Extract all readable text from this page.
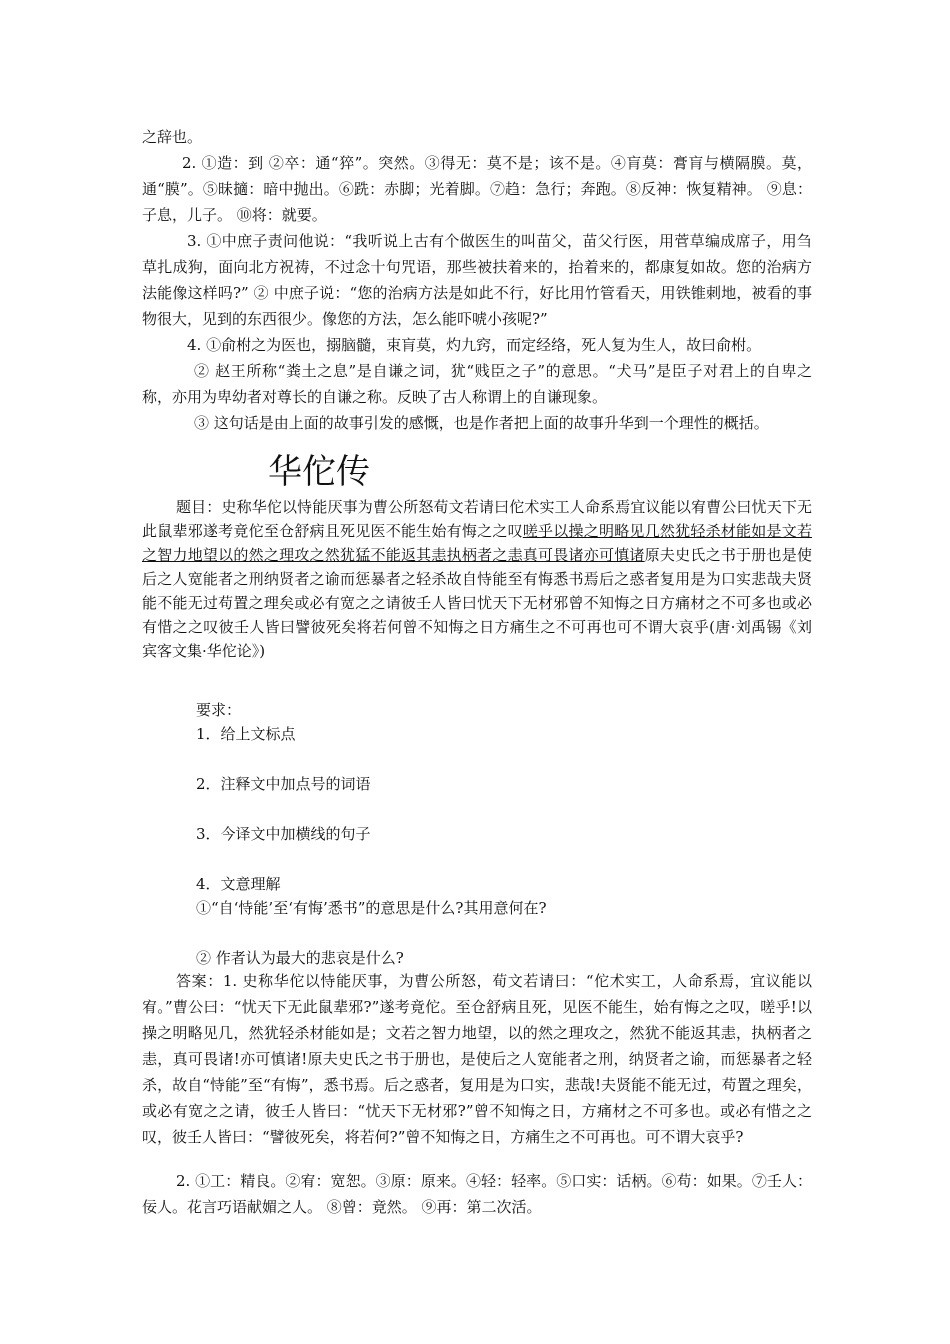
之辞也。

2. ①造：到 ②卒：通“猝”。突然。③得无：莫不是；该不是。④肓莫：膏肓与横隔膜。莫，通“膜”。⑤昧擿：暗中抛出。⑥跣：赤脚；光着脚。⑦趋：急行；奔跑。⑧反神：恢复精神。 ⑨息：子息，儿子。 ⑩将：就要。

3. ①中庶子责问他说：“我听说上古有个做医生的叫苗父，苗父行医，用菅草编成席子，用刍草扎成狗，面向北方祝祷，不过念十句咒语，那些被扶着来的，抬着来的，都康复如故。您的治病方法能像这样吗?” ② 中庶子说：“您的治病方法是如此不行，好比用竹管看天，用铁锥刺地，被看的事物很大，见到的东西很少。像您的方法，怎么能吓唬小孩呢?”

4. ①俞柎之为医也，搦脑髓，束肓莫，灼九窍，而定经络，死人复为生人，故曰俞柎。

② 赵王所称“粪土之息”是自谦之词，犹“贱臣之子”的意思。“犬马”是臣子对君上的自卑之称，亦用为卑幼者对尊长的自谦之称。反映了古人称谓上的自谦现象。

③ 这句话是由上面的故事引发的感慨，也是作者把上面的故事升华到一个理性的概括。

华佗传

题目：史称华佗以恃能厌事为曹公所怒荀文若请曰佗术实工人命系焉宜议能以宥曹公曰忧天下无此鼠辈邪遂考竟佗至仓舒病且死见医不能生始有悔之之叹嗟乎以操之明略见几然犹轻杀材能如是文若之智力地望以的然之理攻之然犹猛不能返其恚执柄者之恚真可畏诸亦可慎诸原夫史氏之书于册也是使后之人宽能者之刑纳贤者之谕而惩暴者之轻杀故自恃能至有悔悉书焉后之惑者复用是为口实悲哉夫贤能不能无过苟置之理矣或必有宽之之请彼壬人皆曰忧天下无材邪曾不知悔之日方痛材之不可多也或必有惜之之叹彼壬人皆曰譬彼死矣将若何曾不知悔之日方痛生之不可再也可不谓大哀乎(唐·刘禹锡《刘宾客文集·华佗论》)

要求：

1．给上文标点

2．注释文中加点号的词语

3．今译文中加横线的句子

4．文意理解

①“自‘恃能’至‘有悔’悉书”的意思是什么?其用意何在?

② 作者认为最大的悲哀是什么?

答案：1. 史称华佗以恃能厌事，为曹公所怒，荀文若请曰：“佗术实工，人命系焉，宜议能以宥。”曹公曰：“忧天下无此鼠辈邪?”遂考竟佗。至仓舒病且死，见医不能生，始有悔之之叹，嗟乎!以操之明略见几，然犹轻杀材能如是；文若之智力地望，以的然之理攻之，然犹不能返其恚，执柄者之恚，真可畏诸!亦可慎诸!原夫史氏之书于册也，是使后之人宽能者之刑，纳贤者之谕，而惩暴者之轻杀，故自“恃能”至“有悔”，悉书焉。后之惑者，复用是为口实，悲哉!夫贤能不能无过，苟置之理矣，或必有宽之之请，彼壬人皆曰：“忧天下无材邪?”曾不知悔之日，方痛材之不可多也。或必有惜之之叹，彼壬人皆曰：“譬彼死矣，将若何?”曾不知悔之日，方痛生之不可再也。可不谓大哀乎?

2. ①工：精良。②宥：宽恕。③原：原来。④轻：轻率。⑤口实：话柄。⑥苟：如果。⑦壬人：佞人。花言巧语献媚之人。 ⑧曾：竟然。 ⑨再：第二次活。
